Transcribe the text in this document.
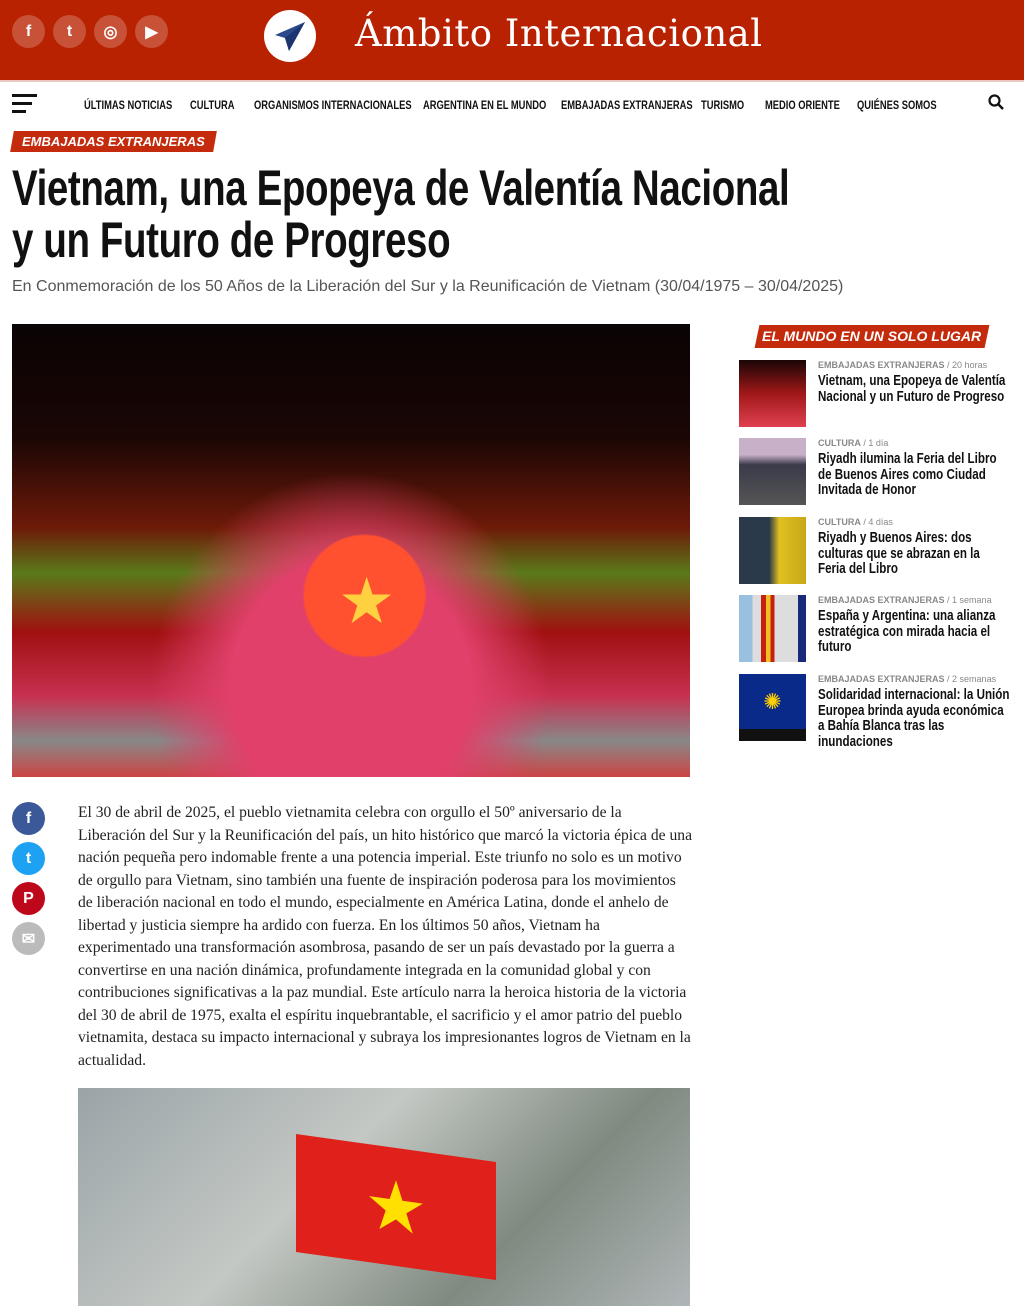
f	t	◎	▶	Ámbito Internacional
ÚLTIMAS NOTICIAS	CULTURA	ORGANISMOS INTERNACIONALES ARGENTINA EN EL MUNDO	EMBAJADAS EXTRANJERAS TURISMO	MEDIO ORIENTE	QUIÉNES SOMOS
EMBAJADAS EXTRANJERAS
Vietnam, una Epopeya de Valentía Nacional
y un Futuro de Progreso
En Conmemoración de los 50 Años de la Liberación del Sur y la Reunificación de Vietnam (30/04/1975 – 30/04/2025)
★
f
t
P
✉

El 30 de abril de 2025, el pueblo vietnamita celebra con orgullo el 50º aniversario de la Liberación del Sur y la Reunificación del país, un hito histórico que marcó la victoria épica de una nación pequeña pero indomable frente a una potencia imperial. Este triunfo no solo es un motivo de orgullo para Vietnam, sino también una fuente de inspiración poderosa para los movimientos de liberación nacional en todo el mundo, especialmente en América Latina, donde el anhelo de libertad y justicia siempre ha ardido con fuerza. En los últimos 50 años, Vietnam ha experimentado una transformación asombrosa, pasando de ser un país devastado por la guerra a convertirse en una nación dinámica, profundamente integrada en la comunidad global y con contribuciones significativas a la paz mundial. Este artículo narra la heroica historia de la victoria del 30 de abril de 1975, exalta el espíritu inquebrantable, el sacrificio y el amor patrio del pueblo vietnamita, destaca su impacto internacional y subraya los impresionantes logros de Vietnam en la actualidad.

★
EL MUNDO EN UN SOLO LUGAR
EMBAJADAS EXTRANJERAS / 20 horas
Vietnam, una Epopeya de Valentía Nacional y un Futuro de Progreso
CULTURA / 1 día
Riyadh ilumina la Feria del Libro de Buenos Aires como Ciudad Invitada de Honor
CULTURA / 4 días
Riyadh y Buenos Aires: dos culturas que se abrazan en la Feria del Libro
EMBAJADAS EXTRANJERAS / 1 semana
España y Argentina: una alianza estratégica con mirada hacia el futuro
✺
EMBAJADAS EXTRANJERAS / 2 semanas
Solidaridad internacional: la Unión Europea brinda ayuda económica a Bahía Blanca tras las inundaciones
